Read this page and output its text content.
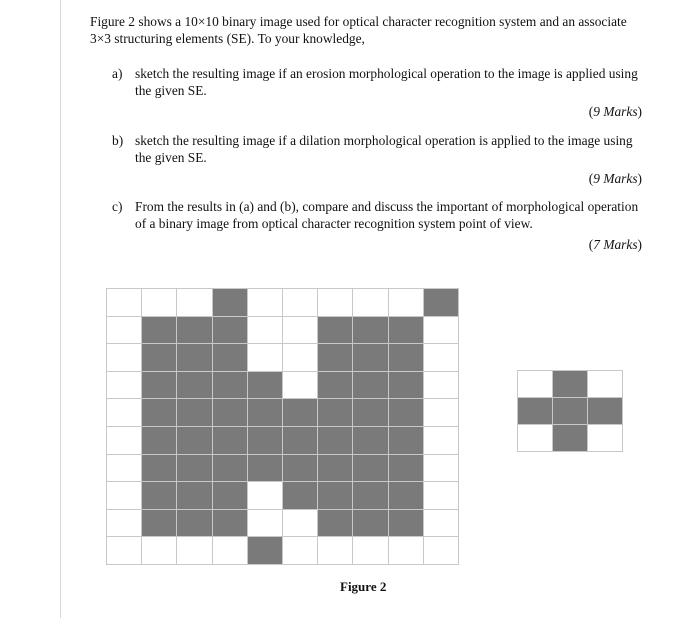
Figure 2 shows a 10×10 binary image used for optical character recognition system and an associate
3×3 structuring elements (SE). To your knowledge,
a) sketch the resulting image if an erosion morphological operation to the image is applied using
the given SE.
(9 Marks)
b) sketch the resulting image if a dilation morphological operation is applied to the image using
the given SE.
(9 Marks)
c) From the results in (a) and (b), compare and discuss the important of morphological operation
of a binary image from optical character recognition system point of view.
(7 Marks)
Figure 2
